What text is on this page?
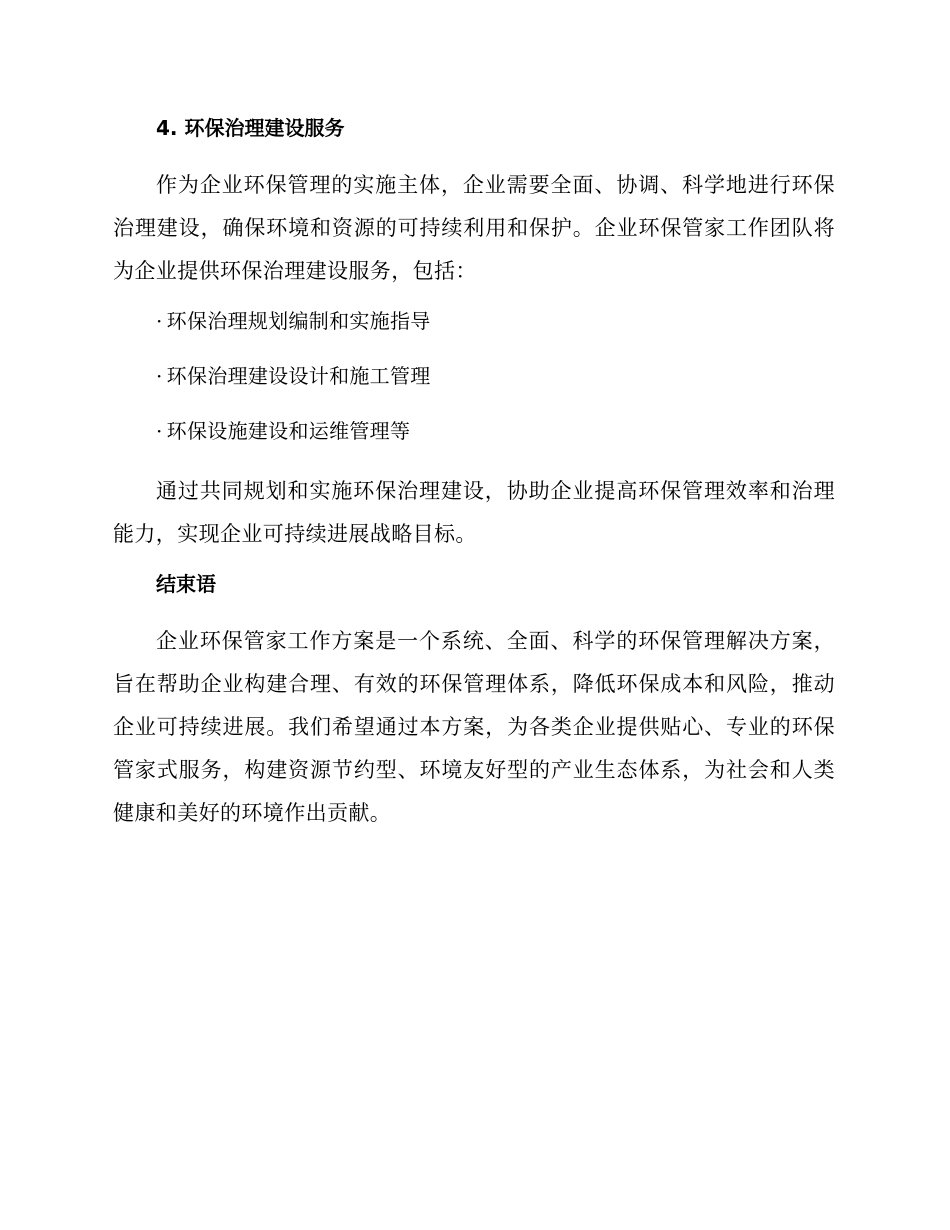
4. 环保治理建设服务

作为企业环保管理的实施主体，企业需要全面、协调、科学地进行环保治理建设，确保环境和资源的可持续利用和保护。企业环保管家工作团队将为企业提供环保治理建设服务，包括：

· 环保治理规划编制和实施指导
· 环保治理建设设计和施工管理
· 环保设施建设和运维管理等

通过共同规划和实施环保治理建设，协助企业提高环保管理效率和治理能力，实现企业可持续进展战略目标。

结束语

企业环保管家工作方案是一个系统、全面、科学的环保管理解决方案，旨在帮助企业构建合理、有效的环保管理体系，降低环保成本和风险，推动企业可持续进展。我们希望通过本方案，为各类企业提供贴心、专业的环保管家式服务，构建资源节约型、环境友好型的产业生态体系，为社会和人类健康和美好的环境作出贡献。
